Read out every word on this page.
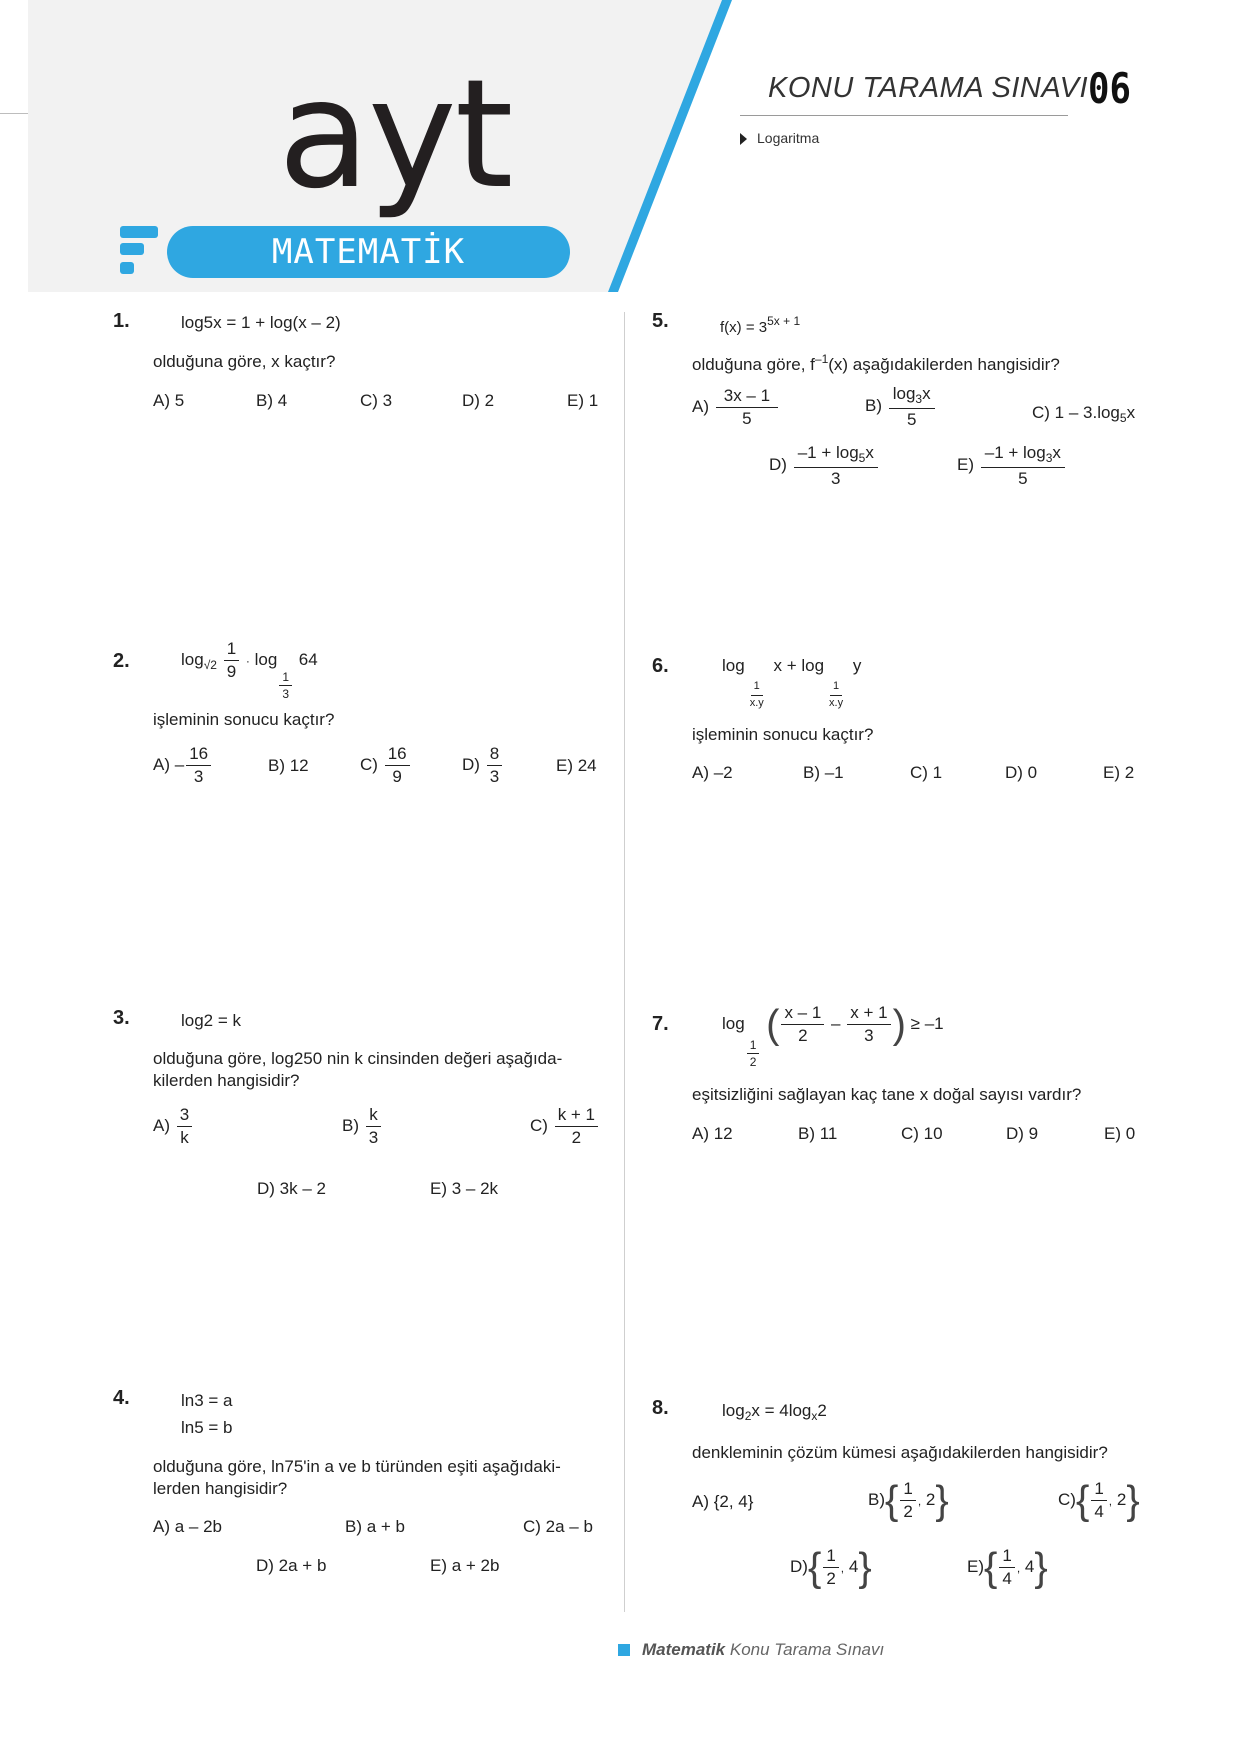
ayt
MATEMATİK
KONU TARAMA SINAVI 06
Logaritma
1.	log5x = 1 + log(x – 2)
olduğuna göre, x kaçtır?
A) 5	B) 4	C) 3	D) 2	E) 1
2.	$\log_{√2} \frac{1}{9} \cdot \log$
$\frac{1}{3}$
64
işleminin sonucu kaçtır?
$A) - \frac{16}{3}$	B) 12	$C) \frac{16}{9}$	$D) \frac{8}{3}$	E) 24
3.	log2 = k
olduğuna göre, log250 nin k cinsinden değeri aşağıda-kilerden hangisidir?
$A) \frac{3}{k}$	$B) \frac{k}{3}$	$C) \frac{k + 1}{2}$
D) 3k – 2	E) 3 – 2k
4.	ln3 = a
ln5 = b
olduğuna göre, ln75'in a ve b türünden eşiti aşağıdaki-lerden hangisidir?
A) a – 2b	B) a + b	C) 2a – b
D) 2a + b	E) a + 2b
5.	$f(x) = 3^{5x + 1}$
olduğuna göre, $f^{-1}(x)$ aşağıdakilerden hangisidir?
$A) \frac{3x - 1}{5}$	$B) \frac{\log_3x}{5}$	C) $1 - 3.\log_5x$
$D) \frac{-1 + \log_5x}{3}$	$E) \frac{-1 + \log_3x}{5}$
6.	log
$\frac{1}{x.y}$
x + log
$\frac{1}{x.y}$
y
işleminin sonucu kaçtır?
A) –2	B) –1	C) 1	D) 0	E) 2
7.	log
$\frac{1}{2}$
( $\frac{x - 1}{2} - \frac{x + 1}{3}$ ) ≥ –1
eşitsizliğini sağlayan kaç tane x doğal sayısı vardır?
A) 12	B) 11	C) 10	D) 9	E) 0
8.	$\log_2x = 4\log_x2$
denkleminin çözüm kümesi aşağıdakilerden hangisidir?
A) {2, 4}	$B)\{ \frac{1}{2}$ , 2}	$C)\{ \frac{1}{4}$ , 2}
$D)\{ \frac{1}{2}$ , 4}	$E)\{ \frac{1}{4}$ , 4}
Matematik Konu Tarama Sınavı
